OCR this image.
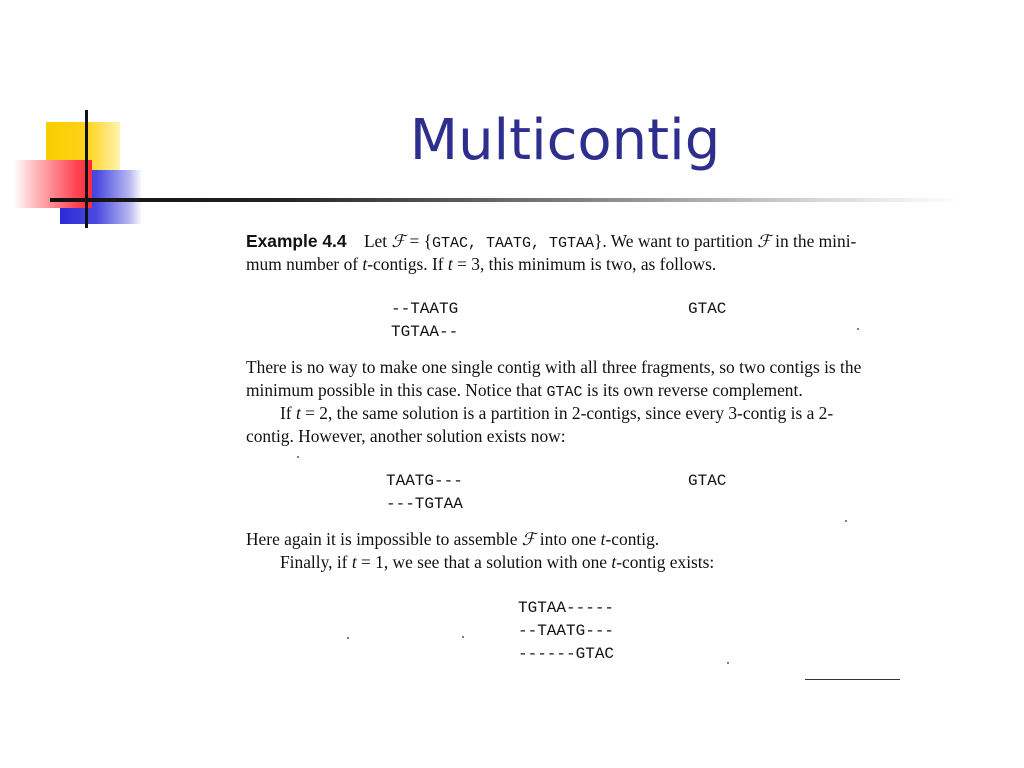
Multicontig
Example 4.4 Let ℱ = {GTAC, TAATG, TGTAA}. We want to partition ℱ in the mini-
mum number of t-contigs. If t = 3, this minimum is two, as follows.
--TAATG
TGTAA--
GTAC
There is no way to make one single contig with all three fragments, so two contigs is the
minimum possible in this case. Notice that GTAC is its own reverse complement.
If t = 2, the same solution is a partition in 2-contigs, since every 3-contig is a 2-
contig. However, another solution exists now:
TAATG---
---TGTAA
GTAC
Here again it is impossible to assemble ℱ into one t-contig.
Finally, if t = 1, we see that a solution with one t-contig exists:
TGTAA-----
--TAATG---
------GTAC
